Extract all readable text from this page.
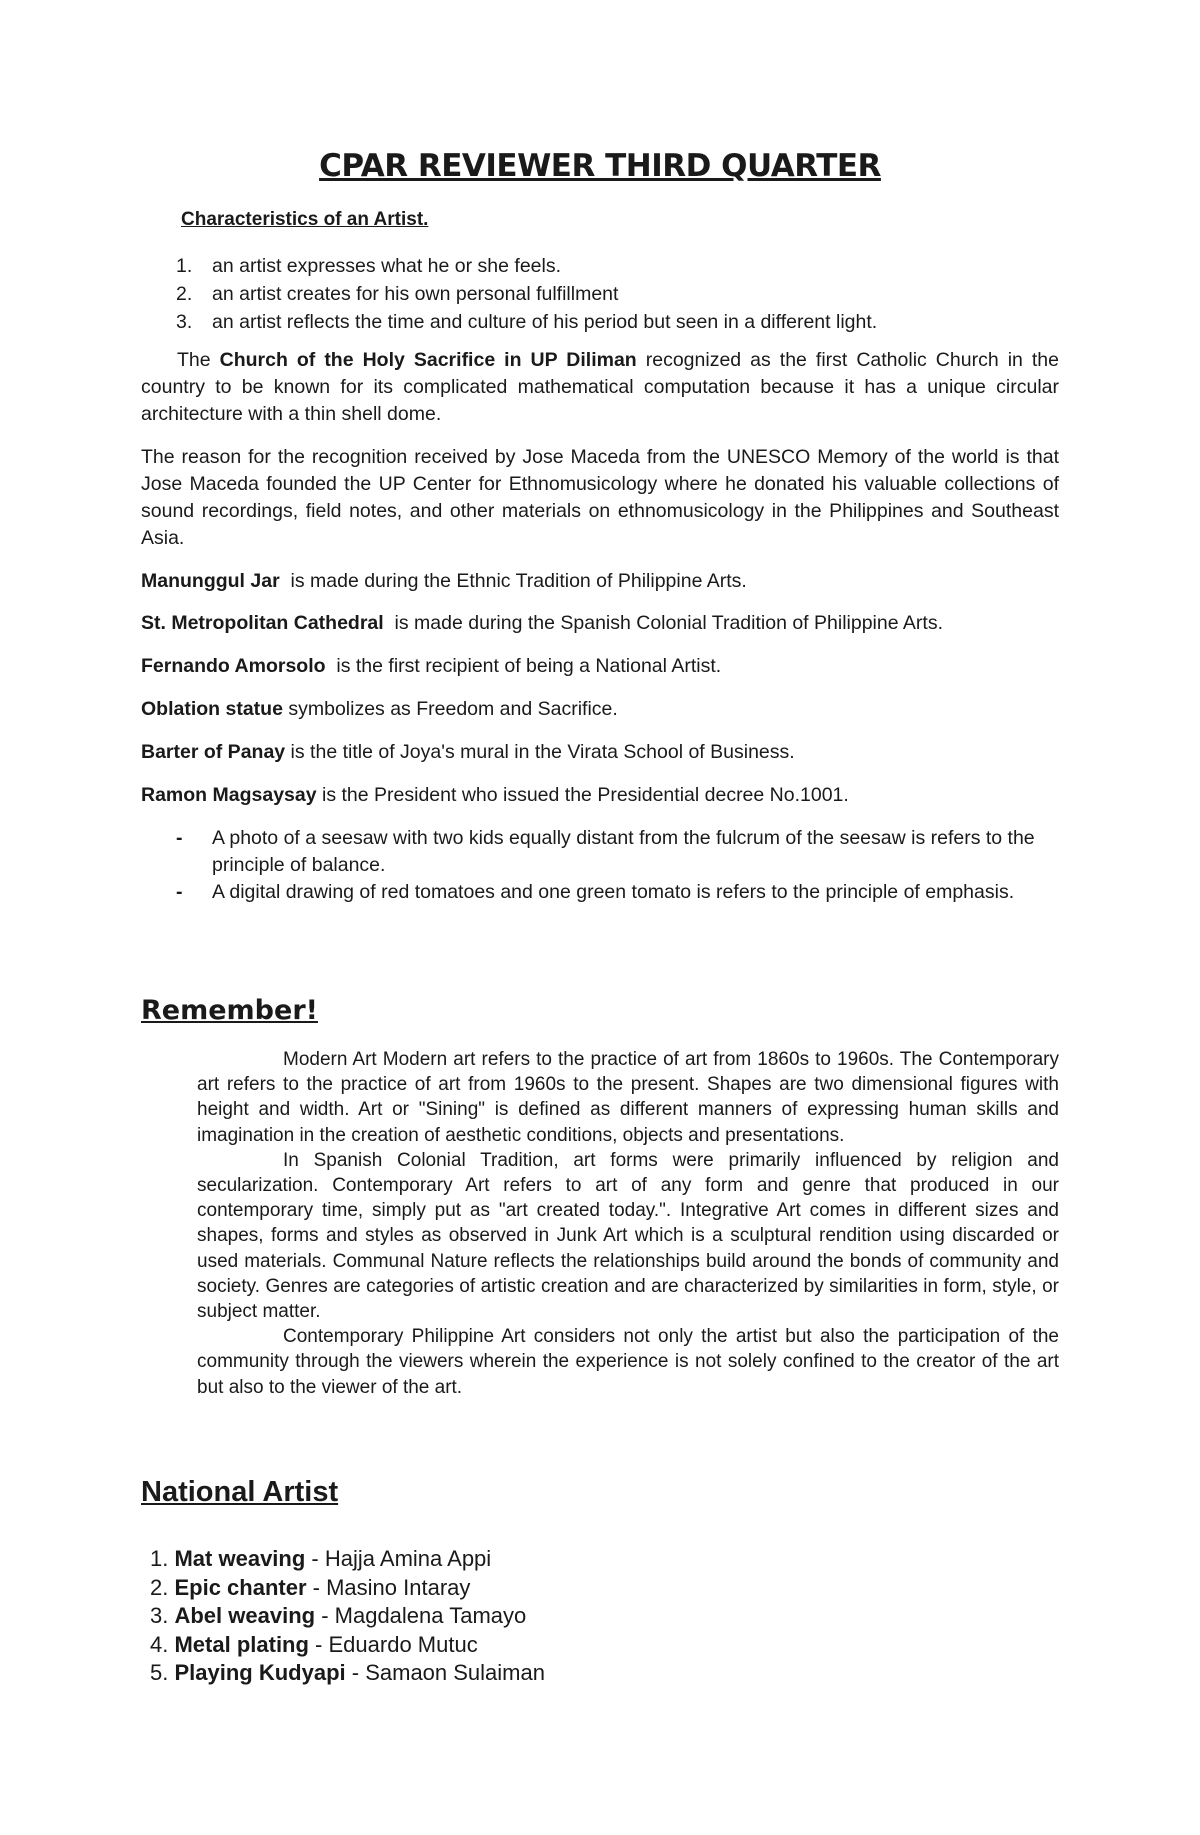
CPAR REVIEWER THIRD QUARTER
Characteristics of an Artist.
1. an artist expresses what he or she feels.
2. an artist creates for his own personal fulfillment
3. an artist reflects the time and culture of his period but seen in a different light.

The Church of the Holy Sacrifice in UP Diliman recognized as the first Catholic Church in the country to be known for its complicated mathematical computation because it has a unique circular architecture with a thin shell dome.

The reason for the recognition received by Jose Maceda from the UNESCO Memory of the world is that Jose Maceda founded the UP Center for Ethnomusicology where he donated his valuable collections of sound recordings, field notes, and other materials on ethnomusicology in the Philippines and Southeast Asia.

Manunggul Jar  is made during the Ethnic Tradition of Philippine Arts.

St. Metropolitan Cathedral  is made during the Spanish Colonial Tradition of Philippine Arts.

Fernando Amorsolo  is the first recipient of being a National Artist.

Oblation statue symbolizes as Freedom and Sacrifice.

Barter of Panay is the title of Joya's mural in the Virata School of Business.

Ramon Magsaysay is the President who issued the Presidential decree No.1001.

- A photo of a seesaw with two kids equally distant from the fulcrum of the seesaw is refers to the principle of balance.
- A digital drawing of red tomatoes and one green tomato is refers to the principle of emphasis.
Remember!

Modern Art Modern art refers to the practice of art from 1860s to 1960s. The Contemporary art refers to the practice of art from 1960s to the present. Shapes are two dimensional figures with height and width. Art or "Sining" is defined as different manners of expressing human skills and imagination in the creation of aesthetic conditions, objects and presentations.

In Spanish Colonial Tradition, art forms were primarily influenced by religion and secularization. Contemporary Art refers to art of any form and genre that produced in our contemporary time, simply put as "art created today.". Integrative Art comes in different sizes and shapes, forms and styles as observed in Junk Art which is a sculptural rendition using discarded or used materials. Communal Nature reflects the relationships build around the bonds of community and society. Genres are categories of artistic creation and are characterized by similarities in form, style, or subject matter.

Contemporary Philippine Art considers not only the artist but also the participation of the community through the viewers wherein the experience is not solely confined to the creator of the art but also to the viewer of the art.

National Artist
1. Mat weaving - Hajja Amina Appi
2. Epic chanter - Masino Intaray
3. Abel weaving - Magdalena Tamayo
4. Metal plating - Eduardo Mutuc
5. Playing Kudyapi - Samaon Sulaiman
